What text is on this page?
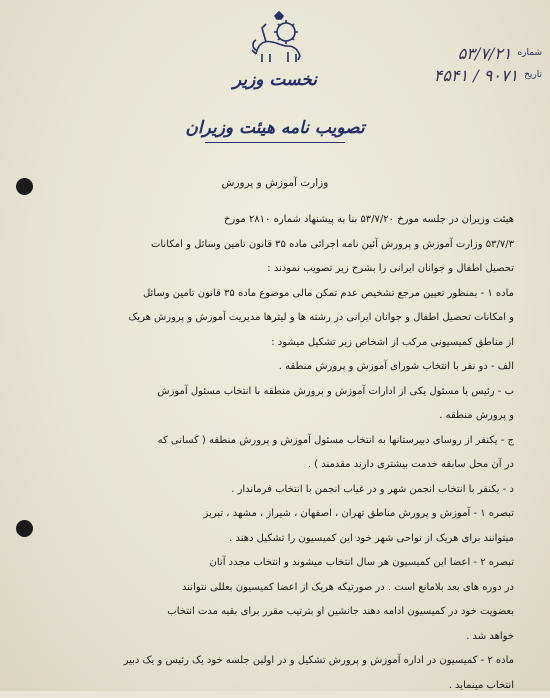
نخست وزیر
تصویب نامه هیئت وزیران
شماره
۵۳/۷/۲۱
تاریخ
۹۰۷۱ / ۴۵۴۱
وزارت آموزش و پرورش

هیئت وزیران در جلسه مورخ ۵۳/۷/۲۰ بنا به پیشنهاد شماره ۲۸۱۰ مورخ

۵۳/۷/۳ وزارت آموزش و پرورش آئین نامه اجرائی ماده ۳۵ قانون تامین وسائل و امکانات

تحصیل اطفال و جوانان ایرانی را بشرح زیر تصویب نمودند :

ماده ۱ - بمنظور تعیین مرجع تشخیص عدم تمکن مالی موضوع ماده ۳۵ قانون تامین وسائل

و امکانات تحصیل اطفال و جوانان ایرانی در رشته ها و لیترها مدیریت آموزش و پرورش هریک

از مناطق کمیسیونی مرکب از اشخاص زیر تشکیل میشود :

الف - دو نفر با انتخاب شورای آموزش و پرورش منطقه .

ب - رئیس یا مسئول یکی از ادارات آموزش و پرورش منطقه با انتخاب مسئول آموزش

و پرورش منطقه .

ج - یکنفر از روسای دبیرستانها به انتخاب مسئول آموزش و پرورش منطقه ( کسانی که

در آن محل سابقه خدمت بیشتری دارند مقدمند ) .

د - یکنفر با انتخاب انجمن شهر و در غیاب انجمن با انتخاب فرماندار .

تبصره ۱ - آموزش و پرورش مناطق تهران ، اصفهان ، شیراز ، مشهد ، تبریز

میتوانند برای هریک از نواحی شهر خود این کمیسیون را تشکیل دهند .

تبصره ۲ - اعضا این کمیسیون هر سال انتخاب میشوند و انتخاب مجدد آنان

در دوره های بعد بلامانع است . در صورتیکه هریک از اعضا کمیسیون بعللی نتوانند

بعضویت خود در کمیسیون ادامه دهند جانشین او بترتیب مقرر برای بقیه مدت انتخاب

خواهد شد .

ماده ۲ - کمیسیون در اداره آموزش و پرورش تشکیل و در اولین جلسه خود یک رئیس و یک دبیر

انتخاب مینماید .
